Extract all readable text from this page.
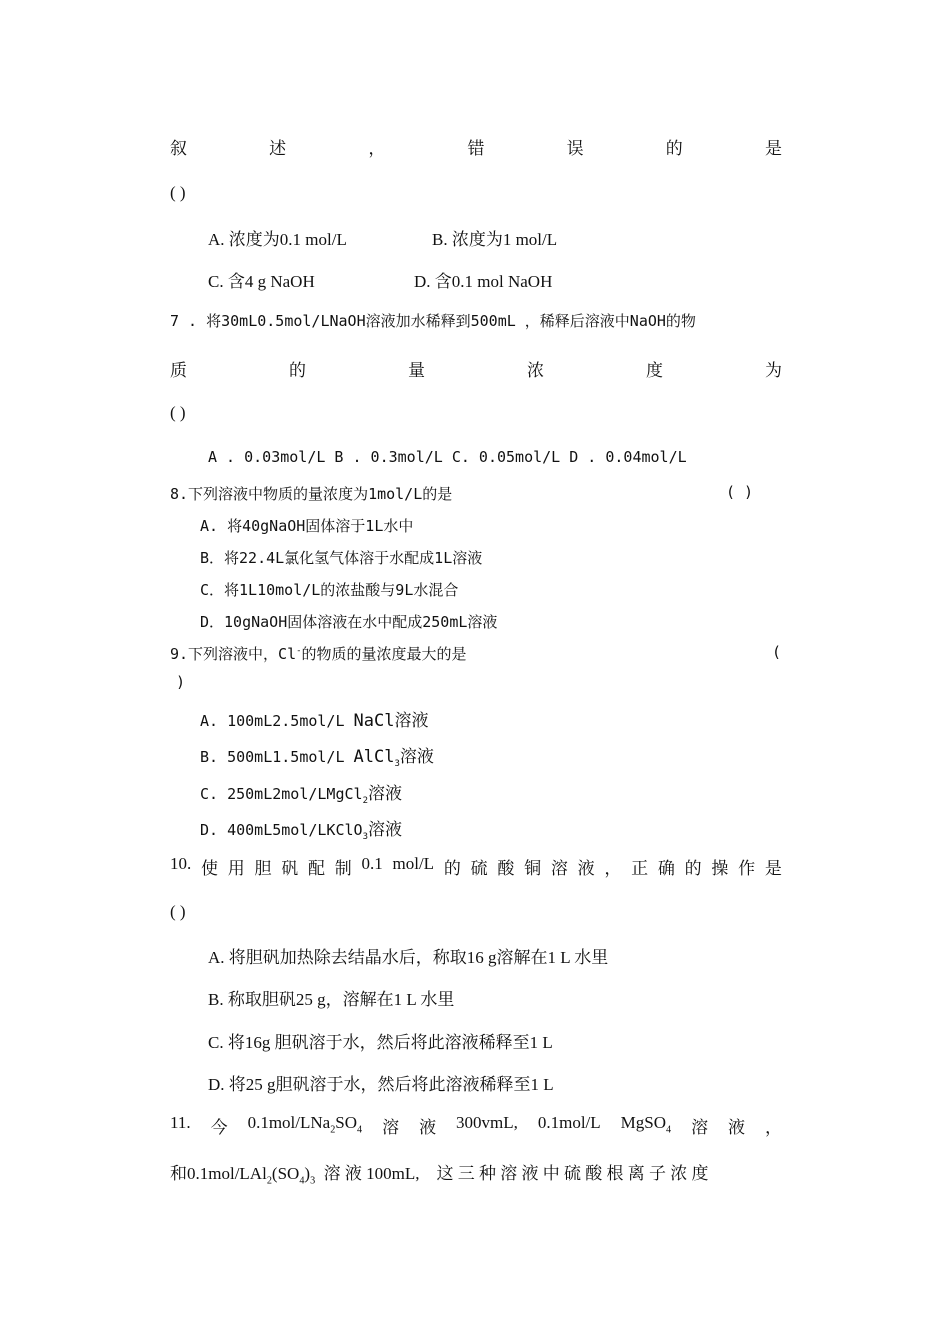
叙	述	，	错	误	的	是
( )
A. 浓度为0.1 mol/L	B. 浓度为1 mol/L
C. 含4 g NaOH	D. 含0.1 mol NaOH
7 . 将30mL0.5mol/LNaOH溶液加水稀释到500mL ，稀释后溶液中NaOH的物
质	的	量	浓	度	为
( )
A . 0.03mol/L B . 0.3mol/L C. 0.05mol/L D . 0.04mol/L
8.下列溶液中物质的量浓度为1mol/L的是	( )
A. 将40gNaOH固体溶于1L水中
B．将22.4L氯化氢气体溶于水配成1L溶液
C．将1L10mol/L的浓盐酸与9L水混合
D．10gNaOH固体溶液在水中配成250mL溶液
9.下列溶液中，Cl-的物质的量浓度最大的是	(
)
A. 100mL2.5mol/L NaCl溶液
B. 500mL1.5mol/L AlCl$_3$溶液
C. 250mL2mol/LMgCl$_2$溶液
D. 400mL5mol/LKClO$_3$溶液
10. 使 用 胆 矾 配 制 0.1 mol/L 的 硫 酸 铜 溶 液 ， 正 确 的 操 作 是
( )
A. 将胆矾加热除去结晶水后，称取16 g溶解在1 L 水里
B. 称取胆矾25 g，溶解在1 L 水里
C. 将16g 胆矾溶于水，然后将此溶液稀释至1 L
D. 将25 g胆矾溶于水，然后将此溶液稀释至1 L
11. 今 $0.1mol/LNa_2SO_4$ 溶 液 300vmL, 0.1mol/L MgSO$_4$ 溶 液 ，
和$0.1mol/LAl_2(SO_4)_3$  溶 液 100mL,    这 三 种 溶 液 中 硫 酸 根 离 子 浓 度
